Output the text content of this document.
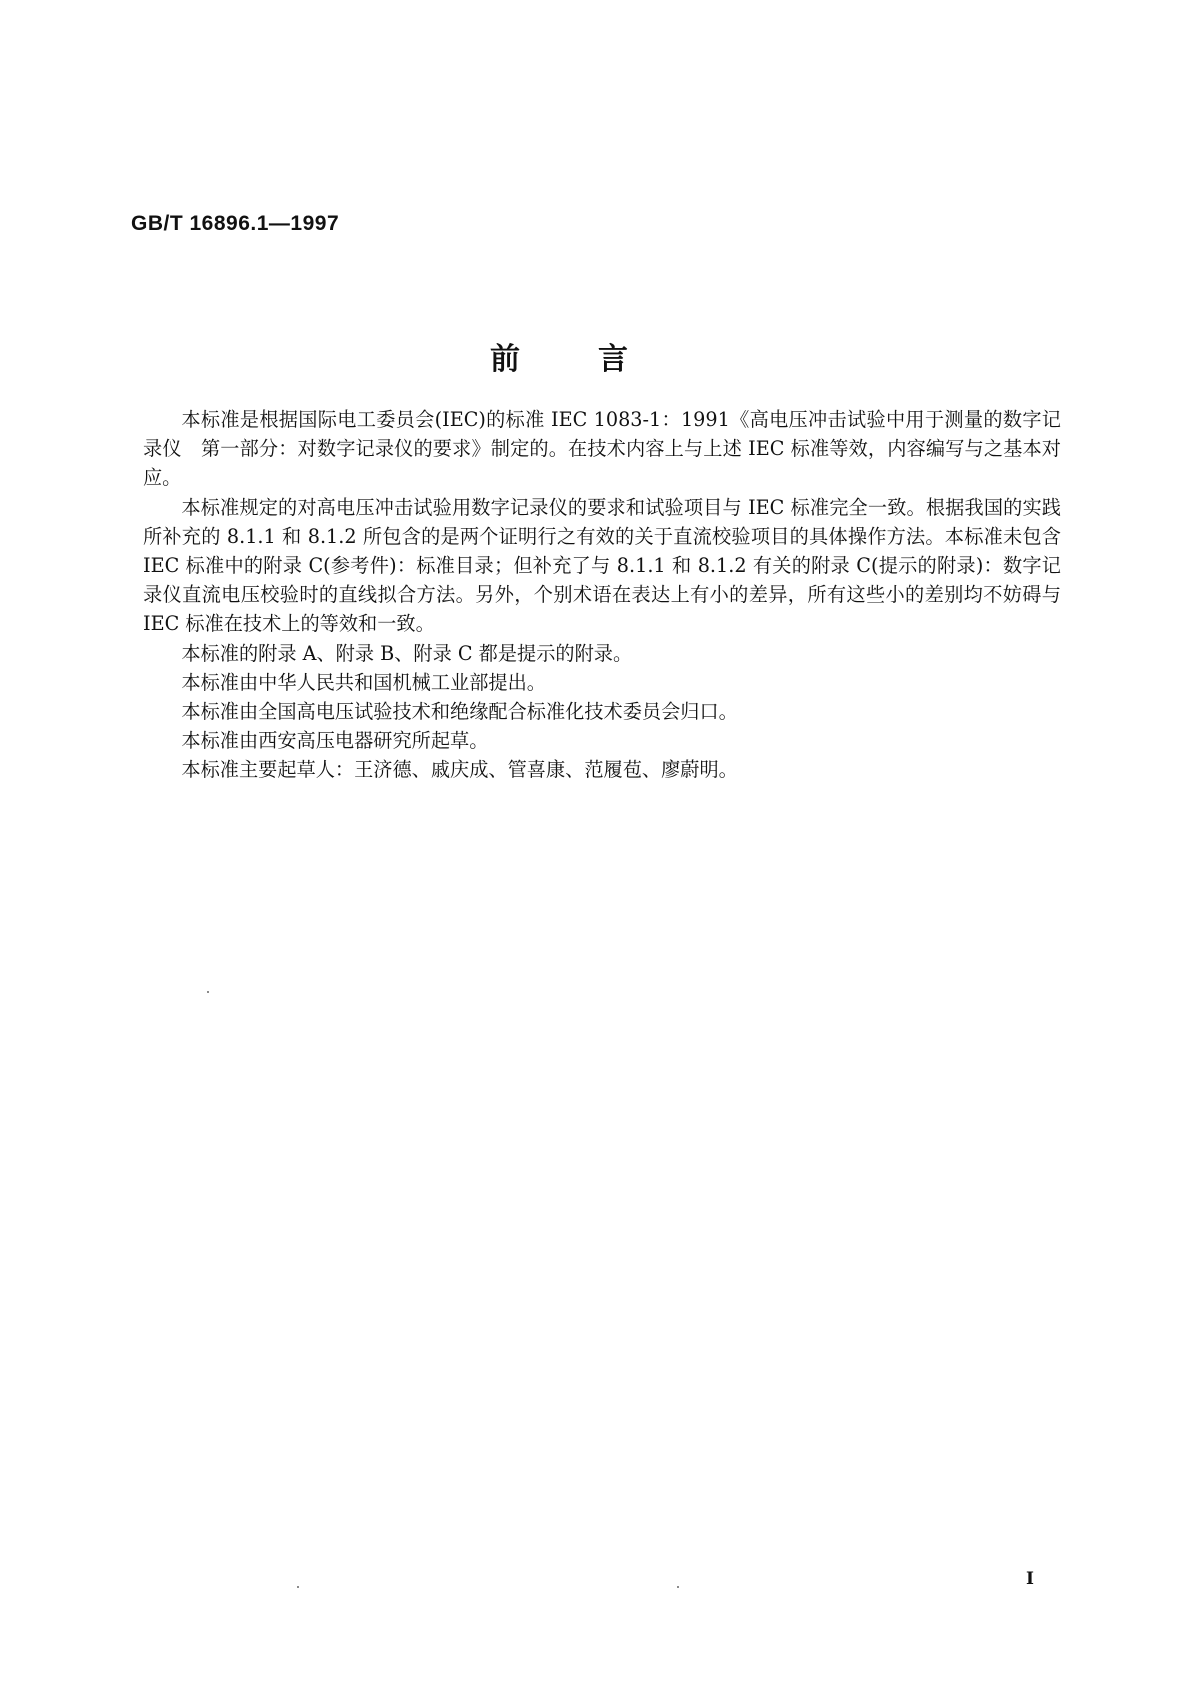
GB/T 16896.1—1997
前	言

本标准是根据国际电工委员会(IEC)的标准 IEC 1083-1：1991《高电压冲击试验中用于测量的数字记录仪　第一部分：对数字记录仪的要求》制定的。在技术内容上与上述 IEC 标准等效，内容编写与之基本对应。

本标准规定的对高电压冲击试验用数字记录仪的要求和试验项目与 IEC 标准完全一致。根据我国的实践所补充的 8.1.1 和 8.1.2 所包含的是两个证明行之有效的关于直流校验项目的具体操作方法。本标准未包含 IEC 标准中的附录 C(参考件)：标准目录；但补充了与 8.1.1 和 8.1.2 有关的附录 C(提示的附录)：数字记录仪直流电压校验时的直线拟合方法。另外，个别术语在表达上有小的差异，所有这些小的差别均不妨碍与 IEC 标准在技术上的等效和一致。

本标准的附录 A、附录 B、附录 C 都是提示的附录。

本标准由中华人民共和国机械工业部提出。

本标准由全国高电压试验技术和绝缘配合标准化技术委员会归口。

本标准由西安高压电器研究所起草。

本标准主要起草人：王济德、戚庆成、管喜康、范履苞、廖蔚明。

Ⅰ
